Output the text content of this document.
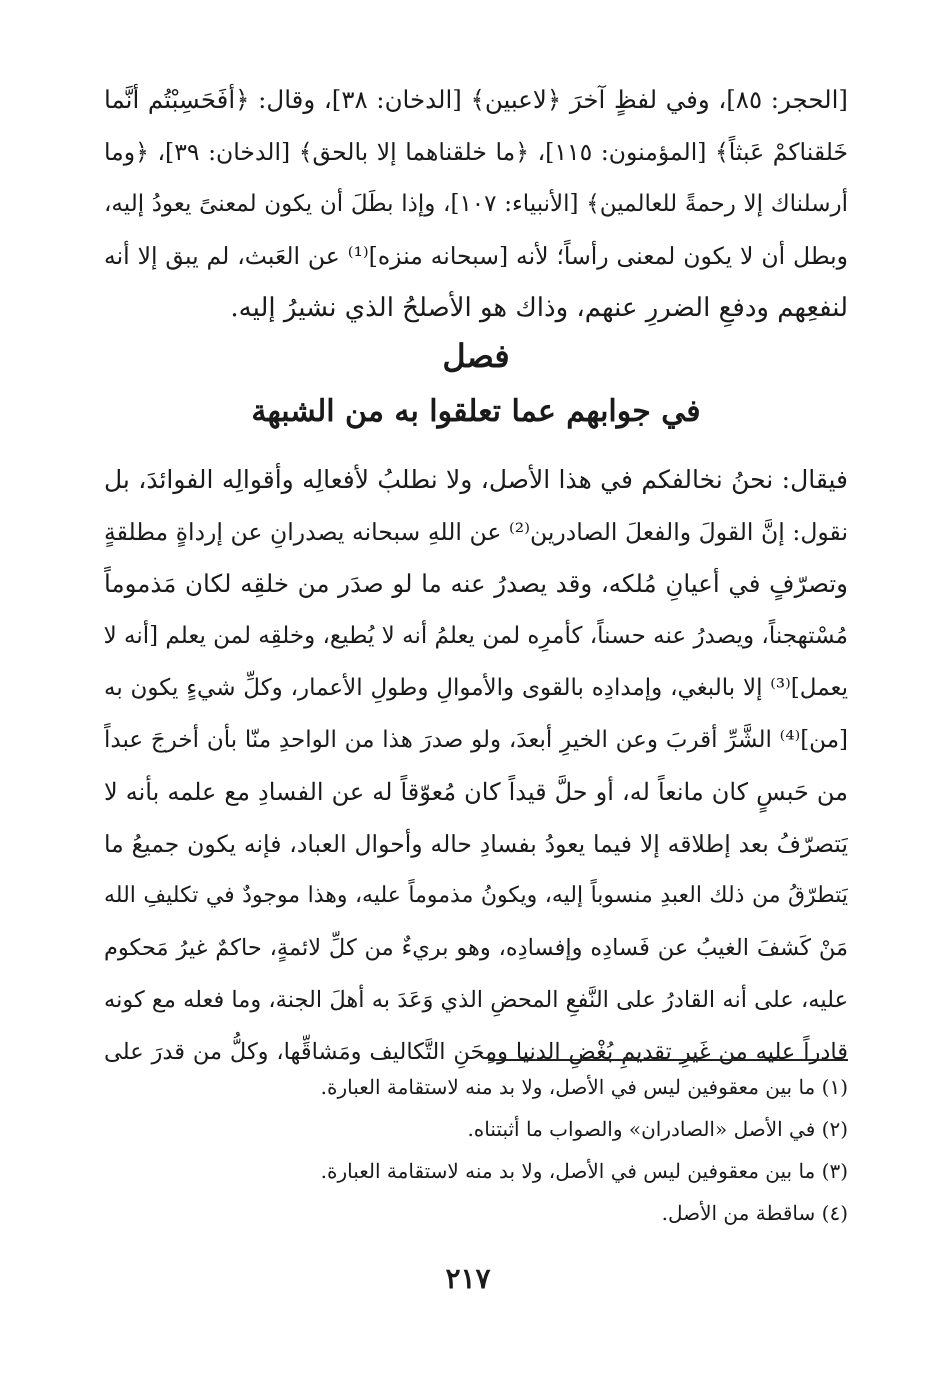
[الحجر: ٨٥]، وفي لفظٍ آخرَ ﴿لاعبين﴾ [الدخان: ٣٨]، وقال: ﴿أفَحَسِبْتُم أنَّما
خَلقناكمْ عَبثاً﴾ [المؤمنون: ١١٥]، ﴿ما خلقناهما إلا بالحق﴾ [الدخان: ٣٩]، ﴿وما
أرسلناك إلا رحمةً للعالمين﴾ [الأنبياء: ١٠٧]، وإذا بطَلَ أن يكون لمعنىً يعودُ إليه،
وبطل أن لا يكون لمعنى رأساً؛ لأنه [سبحانه منزه]⁽¹⁾ عن العَبث، لم يبق إلا أنه
لنفعِهم ودفعِ الضررِ عنهم، وذاك هو الأصلحُ الذي نشيرُ إليه.
فصل
في جوابهم عما تعلقوا به من الشبهة
فيقال: نحنُ نخالفكم في هذا الأصل، ولا نطلبُ لأفعالِه وأقوالِه الفوائدَ، بل
نقول: إنَّ القولَ والفعلَ الصادرين⁽²⁾ عن اللهِ سبحانه يصدرانِ عن إرداةٍ مطلقةٍ
وتصرّفٍ في أعيانِ مُلكه، وقد يصدرُ عنه ما لو صدَر من خلقِه لكان مَذموماً
مُسْتهجناً، ويصدرُ عنه حسناً، كأمرِه لمن يعلمُ أنه لا يُطيع، وخلقِه لمن يعلم [أنه لا
يعمل]⁽³⁾ إلا بالبغي، وإمدادِه بالقوى والأموالِ وطولِ الأعمار، وكلِّ شيءٍ يكون به
[من]⁽⁴⁾ الشَّرِّ أقربَ وعن الخيرِ أبعدَ، ولو صدرَ هذا من الواحدِ منّا بأن أخرجَ عبداً
من حَبسٍ كان مانعاً له، أو حلَّ قيداً كان مُعوّقاً له عن الفسادِ مع علمه بأنه لا
يَتصرّفُ بعد إطلاقه إلا فيما يعودُ بفسادِ حاله وأحوال العباد، فإنه يكون جميعُ ما
يَتطرّقُ من ذلك العبدِ منسوباً إليه، ويكونُ مذموماً عليه، وهذا موجودٌ في تكليفِ الله
مَنْ كَشفَ الغيبُ عن فَسادِه وإفسادِه، وهو بريءٌ من كلِّ لائمةٍ، حاكمٌ غيرُ مَحكوم
عليه، على أنه القادرُ على النَّفعِ المحضِ الذي وَعَدَ به أهلَ الجنة، وما فعله مع كونه
قادراً عليه من غَيرِ تقديمِ بُغْضِ الدنيا ومِحَنِ التَّكاليف ومَشاقِّها، وكلُّ من قدرَ على
(١) ما بين معقوفين ليس في الأصل، ولا بد منه لاستقامة العبارة.
(٢) في الأصل «الصادران» والصواب ما أثبتناه.
(٣) ما بين معقوفين ليس في الأصل، ولا بد منه لاستقامة العبارة.
(٤) ساقطة من الأصل.
٢١٧
